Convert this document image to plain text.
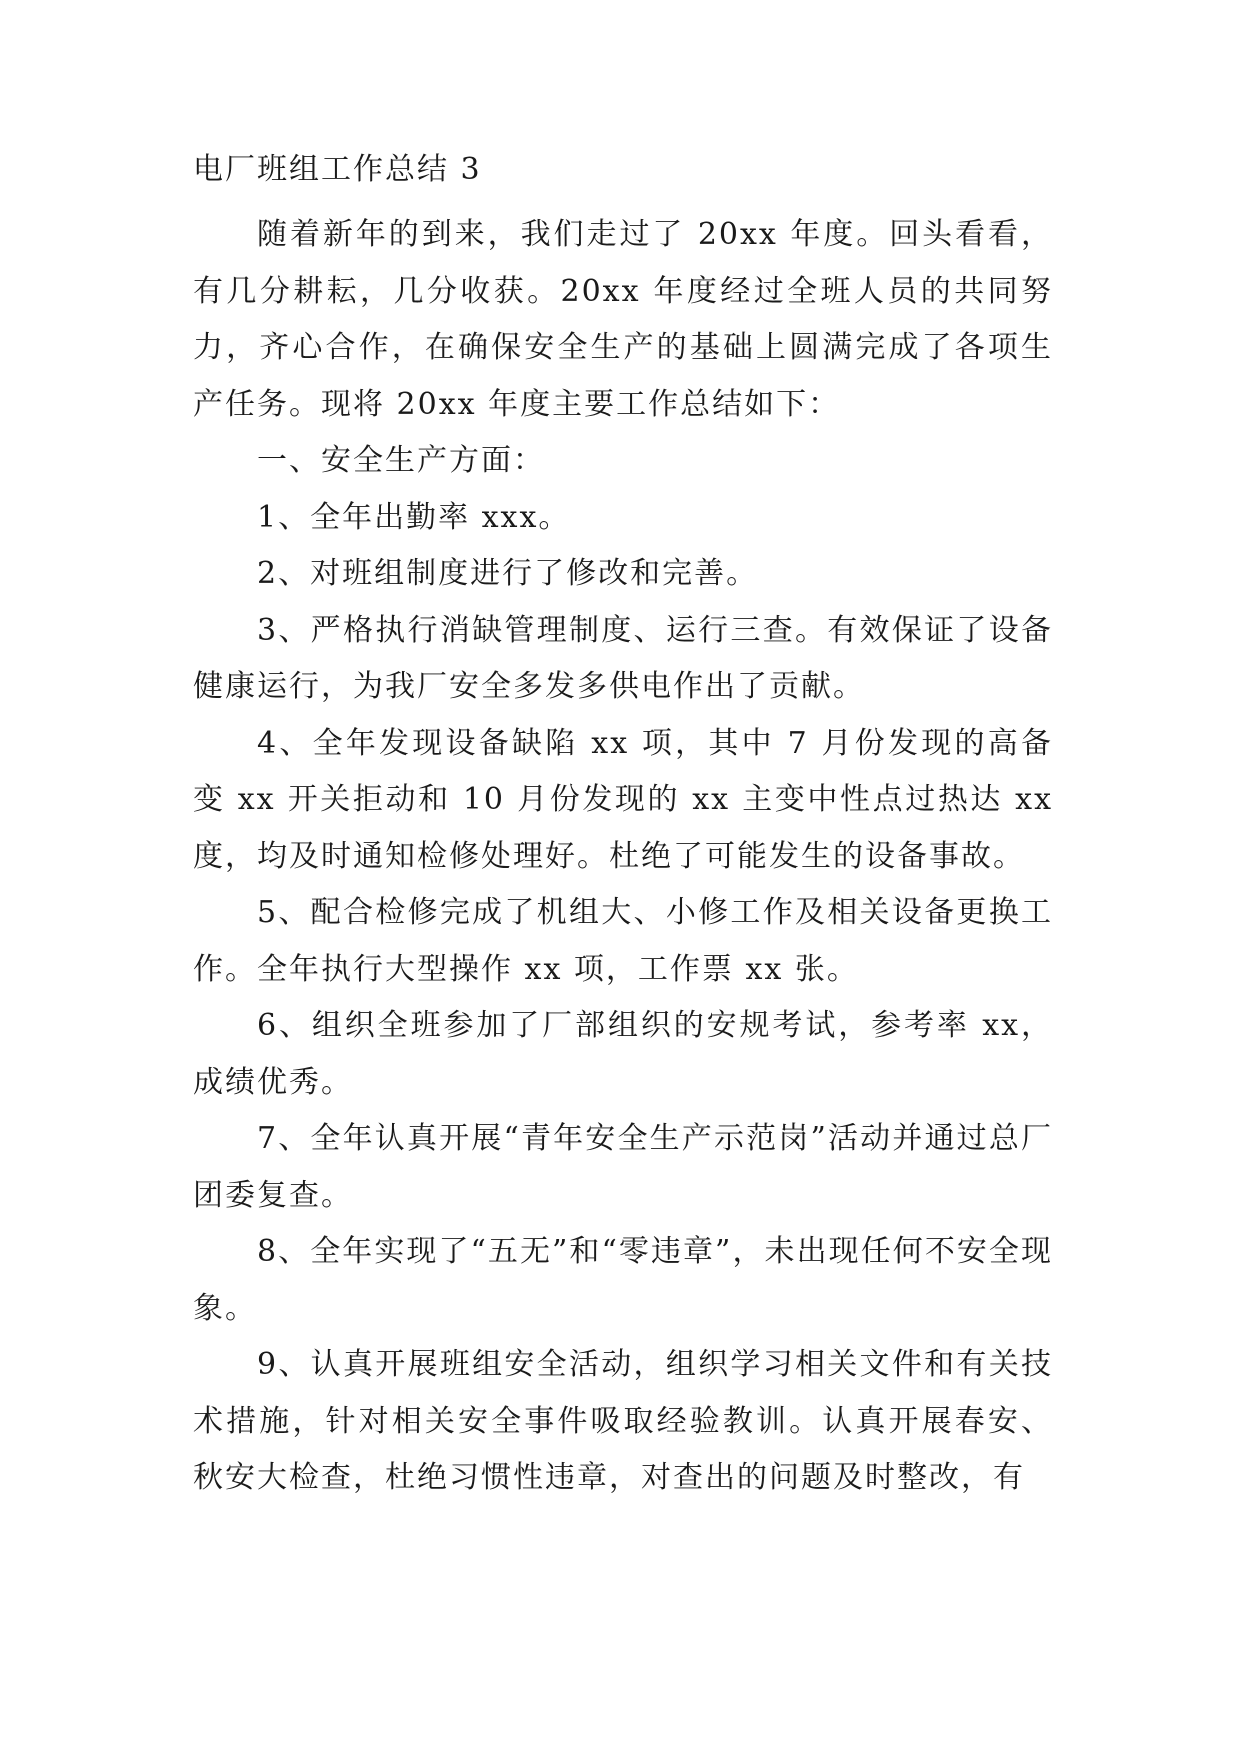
电厂班组工作总结 3

随着新年的到来，我们走过了 20xx 年度。回头看看，有几分耕耘，几分收获。20xx 年度经过全班人员的共同努力，齐心合作，在确保安全生产的基础上圆满完成了各项生产任务。现将 20xx 年度主要工作总结如下：

一、安全生产方面：

1、全年出勤率 xxx。

2、对班组制度进行了修改和完善。

3、严格执行消缺管理制度、运行三查。有效保证了设备健康运行，为我厂安全多发多供电作出了贡献。

4、全年发现设备缺陷 xx 项，其中 7 月份发现的高备变 xx 开关拒动和 10 月份发现的 xx 主变中性点过热达 xx 度，均及时通知检修处理好。杜绝了可能发生的设备事故。

5、配合检修完成了机组大、小修工作及相关设备更换工作。全年执行大型操作 xx 项，工作票 xx 张。

6、组织全班参加了厂部组织的安规考试，参考率 xx，成绩优秀。

7、全年认真开展“青年安全生产示范岗”活动并通过总厂团委复查。

8、全年实现了“五无”和“零违章”，未出现任何不安全现象。

9、认真开展班组安全活动，组织学习相关文件和有关技术措施，针对相关安全事件吸取经验教训。认真开展春安、秋安大检查，杜绝习惯性违章，对查出的问题及时整改，有
